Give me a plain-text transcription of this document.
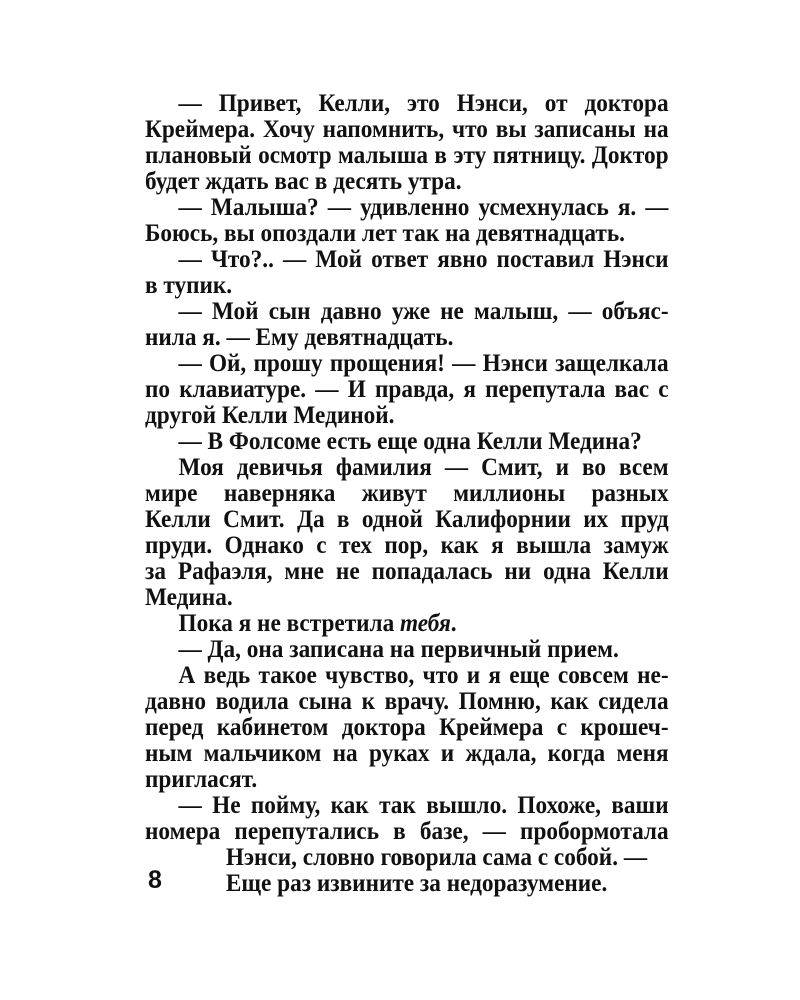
— Привет, Келли, это Нэнси, от доктора
Креймера. Хочу напомнить, что вы записаны на
плановый осмотр малыша в эту пятницу. Доктор
будет ждать вас в десять утра.
— Малыша? — удивленно усмехнулась я. —
Боюсь, вы опоздали лет так на девятнадцать.
— Что?.. — Мой ответ явно поставил Нэнси
в тупик.
— Мой сын давно уже не малыш, — объяс-
нила я. — Ему девятнадцать.
— Ой, прошу прощения! — Нэнси защелкала
по клавиатуре. — И правда, я перепутала вас с
другой Келли Мединой.
— В Фолсоме есть еще одна Келли Медина?
Моя девичья фамилия — Смит, и во всем
мире наверняка живут миллионы разных
Келли Смит. Да в одной Калифорнии их пруд
пруди. Однако с тех пор, как я вышла замуж
за Рафаэля, мне не попадалась ни одна Келли
Медина.
Пока я не встретила тебя.
— Да, она записана на первичный прием.
А ведь такое чувство, что и я еще совсем не-
давно водила сына к врачу. Помню, как сидела
перед кабинетом доктора Креймера с крошеч-
ным мальчиком на руках и ждала, когда меня
пригласят.
— Не пойму, как так вышло. Похоже, ваши
номера перепутались в базе, — пробормотала
Нэнси, словно говорила сама с собой. —
Еще раз извините за недоразумение.
8
